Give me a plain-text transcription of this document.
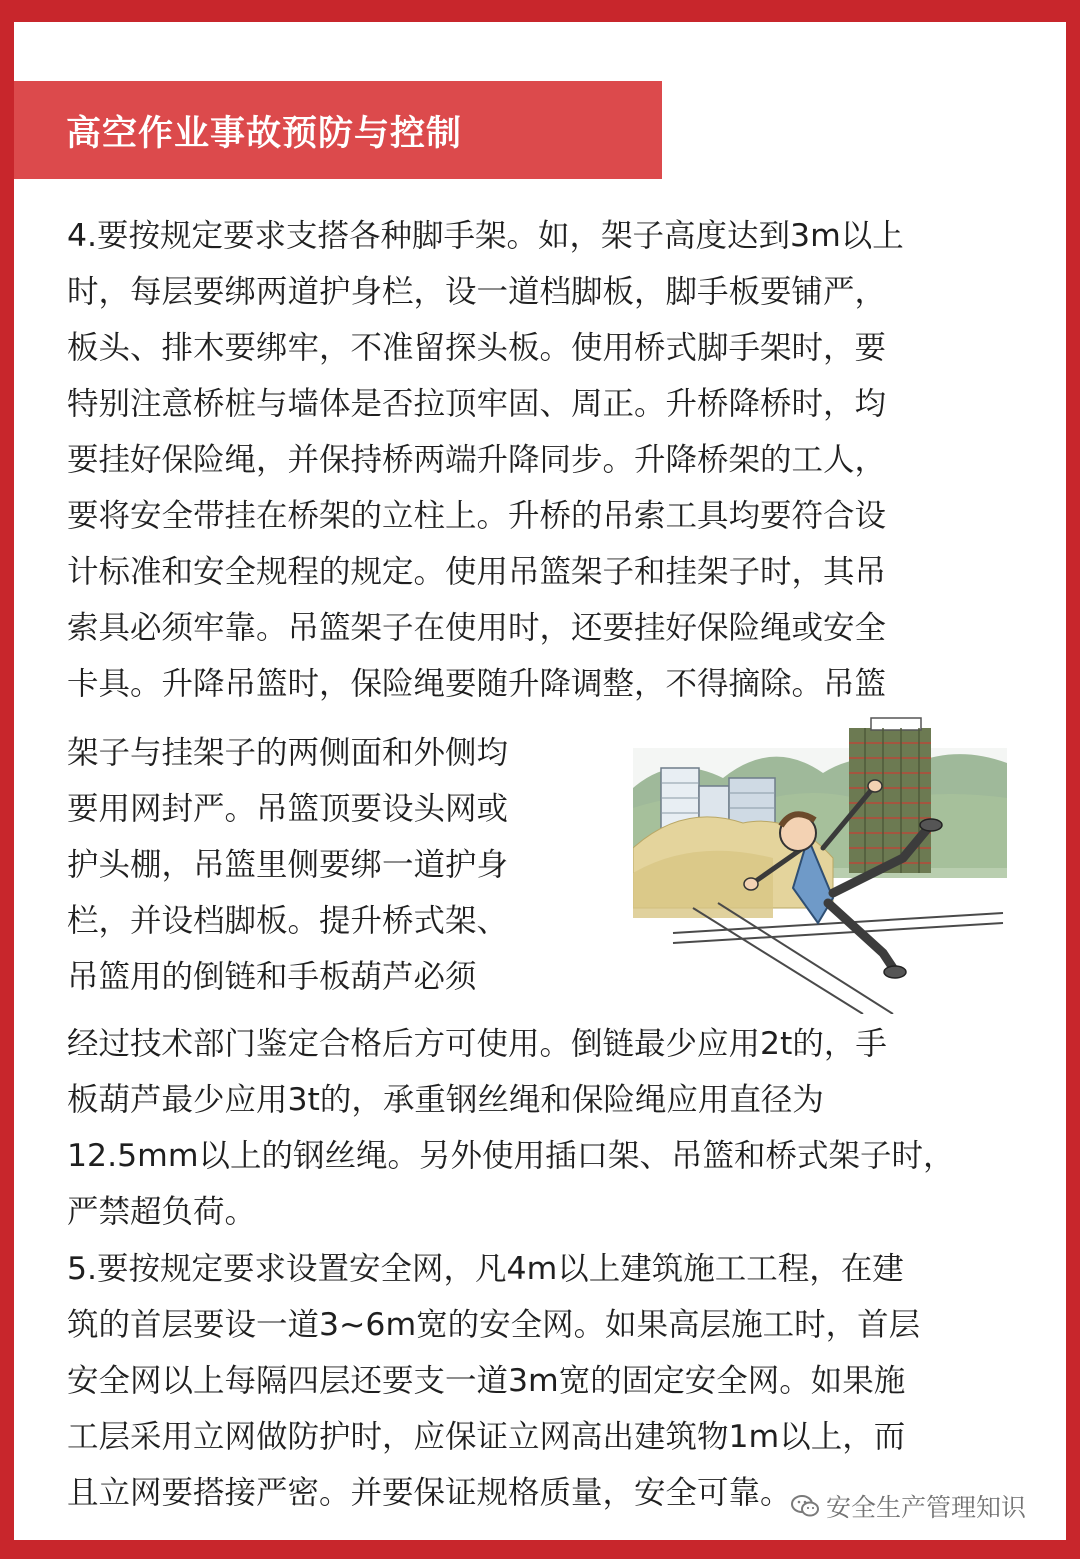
高空作业事故预防与控制
4.要按规定要求支搭各种脚手架。如，架子高度达到3m以上
时，每层要绑两道护身栏，设一道档脚板，脚手板要铺严，
板头、排木要绑牢，不准留探头板。使用桥式脚手架时，要
特别注意桥桩与墙体是否拉顶牢固、周正。升桥降桥时，均
要挂好保险绳，并保持桥两端升降同步。升降桥架的工人，
要将安全带挂在桥架的立柱上。升桥的吊索工具均要符合设
计标准和安全规程的规定。使用吊篮架子和挂架子时，其吊
索具必须牢靠。吊篮架子在使用时，还要挂好保险绳或安全
卡具。升降吊篮时，保险绳要随升降调整，不得摘除。吊篮
架子与挂架子的两侧面和外侧均
要用网封严。吊篮顶要设头网或
护头棚，吊篮里侧要绑一道护身
栏，并设档脚板。提升桥式架、
吊篮用的倒链和手板葫芦必须
经过技术部门鉴定合格后方可使用。倒链最少应用2t的，手
板葫芦最少应用3t的，承重钢丝绳和保险绳应用直径为
12.5mm以上的钢丝绳。另外使用插口架、吊篮和桥式架子时，
严禁超负荷。
5.要按规定要求设置安全网，凡4m以上建筑施工工程，在建
筑的首层要设一道3~6m宽的安全网。如果高层施工时，首层
安全网以上每隔四层还要支一道3m宽的固定安全网。如果施
工层采用立网做防护时，应保证立网高出建筑物1m以上，而
且立网要搭接严密。并要保证规格质量，安全可靠。 安全生产管理知识
